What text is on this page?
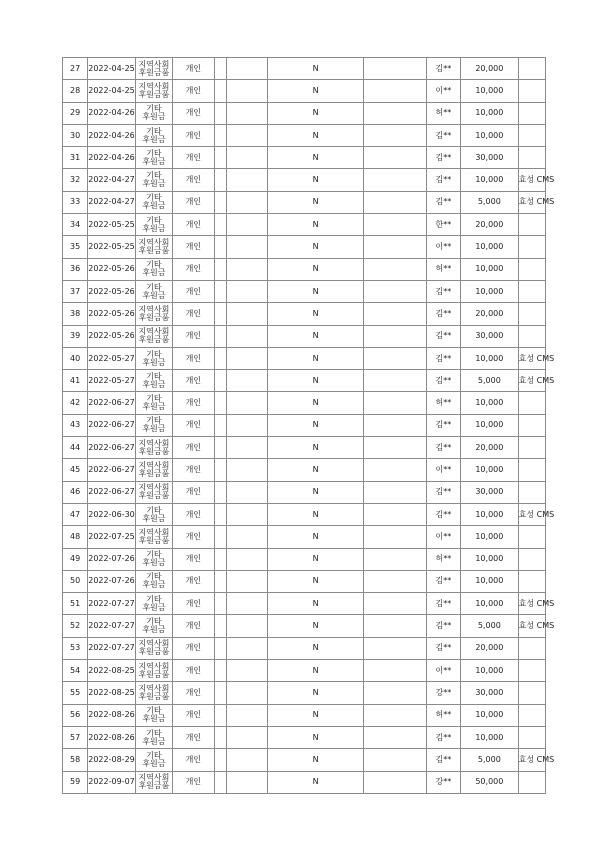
27	2022-04-25	지역사회
후원금품	개인			N		김**	20,000	
28	2022-04-25	지역사회
후원금품	개인			N		이**	10,000	
29	2022-04-26	기타
후원금	개인			N		허**	10,000	
30	2022-04-26	기타
후원금	개인			N		김**	10,000	
31	2022-04-26	기타
후원금	개인			N		김**	30,000	
32	2022-04-27	기타
후원금	개인			N		김**	10,000	효성 CMS
33	2022-04-27	기타
후원금	개인			N		김**	5,000	효성 CMS
34	2022-05-25	기타
후원금	개인			N		한**	20,000	
35	2022-05-25	지역사회
후원금품	개인			N		이**	10,000	
36	2022-05-26	기타
후원금	개인			N		허**	10,000	
37	2022-05-26	기타
후원금	개인			N		김**	10,000	
38	2022-05-26	지역사회
후원금품	개인			N		김**	20,000	
39	2022-05-26	지역사회
후원금품	개인			N		김**	30,000	
40	2022-05-27	기타
후원금	개인			N		김**	10,000	효성 CMS
41	2022-05-27	기타
후원금	개인			N		김**	5,000	효성 CMS
42	2022-06-27	기타
후원금	개인			N		허**	10,000	
43	2022-06-27	기타
후원금	개인			N		김**	10,000	
44	2022-06-27	지역사회
후원금품	개인			N		김**	20,000	
45	2022-06-27	지역사회
후원금품	개인			N		이**	10,000	
46	2022-06-27	지역사회
후원금품	개인			N		김**	30,000	
47	2022-06-30	기타
후원금	개인			N		김**	10,000	효성 CMS
48	2022-07-25	지역사회
후원금품	개인			N		이**	10,000	
49	2022-07-26	기타
후원금	개인			N		허**	10,000	
50	2022-07-26	기타
후원금	개인			N		김**	10,000	
51	2022-07-27	기타
후원금	개인			N		김**	10,000	효성 CMS
52	2022-07-27	기타
후원금	개인			N		김**	5,000	효성 CMS
53	2022-07-27	지역사회
후원금품	개인			N		김**	20,000	
54	2022-08-25	지역사회
후원금품	개인			N		이**	10,000	
55	2022-08-25	지역사회
후원금품	개인			N		강**	30,000	
56	2022-08-26	기타
후원금	개인			N		허**	10,000	
57	2022-08-26	기타
후원금	개인			N		김**	10,000	
58	2022-08-29	기타
후원금	개인			N		김**	5,000	효성 CMS
59	2022-09-07	지역사회
후원금품	개인			N		강**	50,000	
